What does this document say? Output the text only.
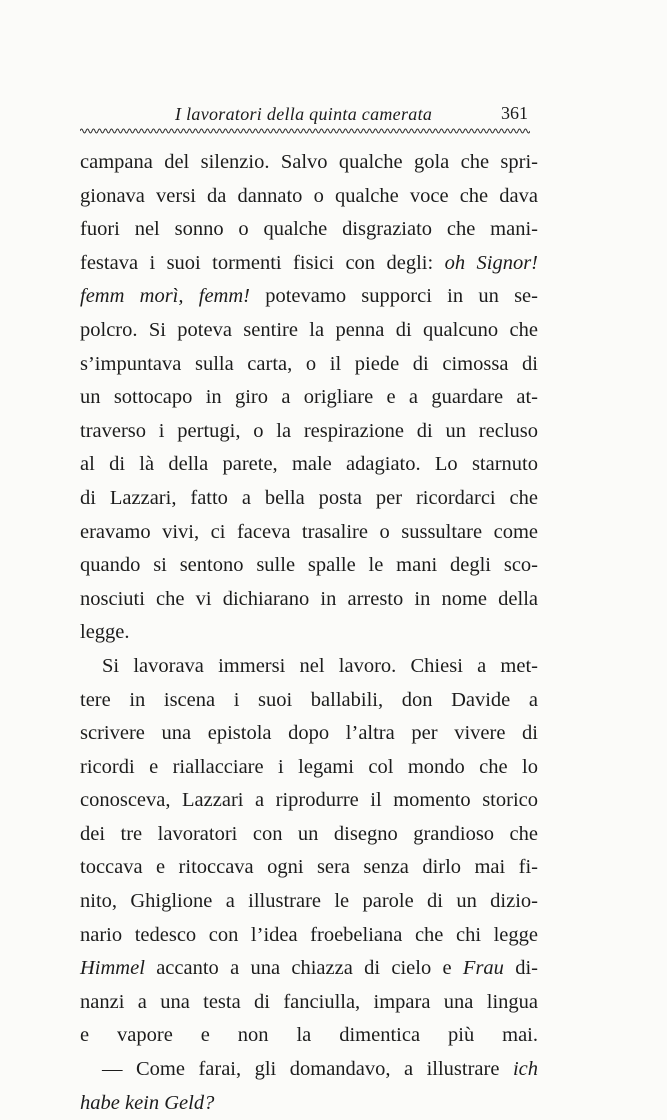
I lavoratori della quinta camerata	361
campana del silenzio. Salvo qualche gola che spri-
gionava versi da dannato o qualche voce che dava
fuori nel sonno o qualche disgraziato che mani-
festava i suoi tormenti fisici con degli: oh Signor!
femm morì, femm! potevamo supporci in un se-
polcro. Si poteva sentire la penna di qualcuno che
s’impuntava sulla carta, o il piede di cimossa di
un sottocapo in giro a origliare e a guardare at-
traverso i pertugi, o la respirazione di un recluso
al di là della parete, male adagiato. Lo starnuto
di Lazzari, fatto a bella posta per ricordarci che
eravamo vivi, ci faceva trasalire o sussultare come
quando si sentono sulle spalle le mani degli sco-
nosciuti che vi dichiarano in arresto in nome della
legge.
Si lavorava immersi nel lavoro. Chiesi a met-
tere in iscena i suoi ballabili, don Davide a
scrivere una epistola dopo l’altra per vivere di
ricordi e riallacciare i legami col mondo che lo
conosceva, Lazzari a riprodurre il momento storico
dei tre lavoratori con un disegno grandioso che
toccava e ritoccava ogni sera senza dirlo mai fi-
nito, Ghiglione a illustrare le parole di un dizio-
nario tedesco con l’idea froebeliana che chi legge
Himmel accanto a una chiazza di cielo e Frau di-
nanzi a una testa di fanciulla, impara una lingua
e vapore e non la dimentica più mai.
— Come farai, gli domandavo, a illustrare ich
habe kein Geld?
